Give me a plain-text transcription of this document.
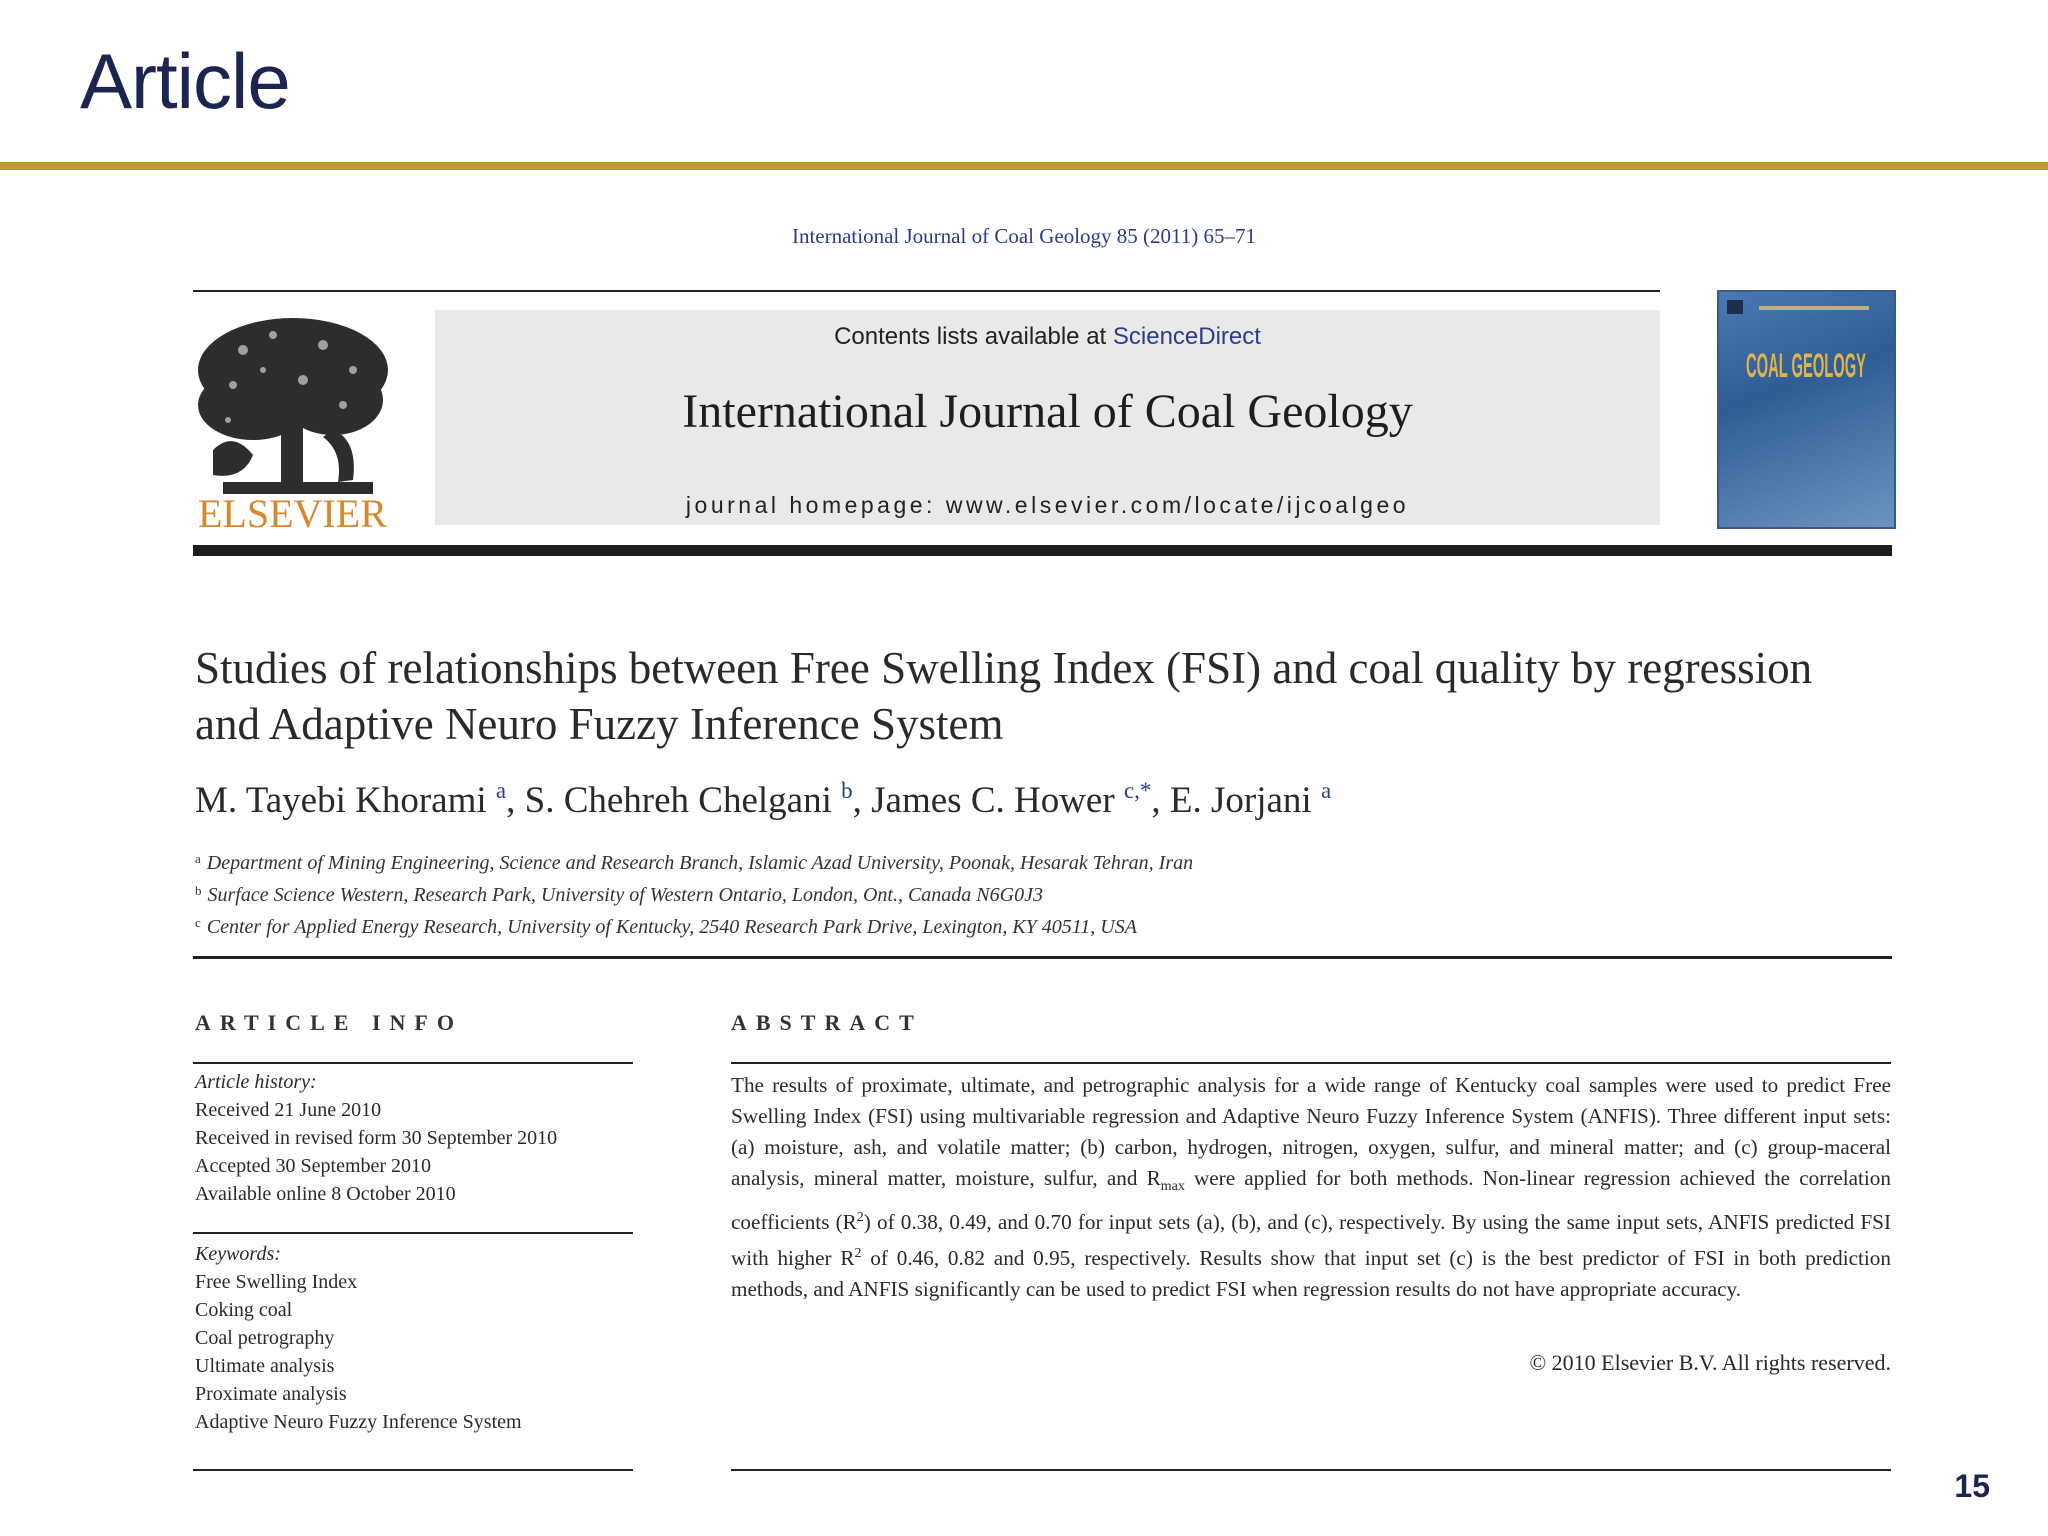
Article
International Journal of Coal Geology 85 (2011) 65–71
ELSEVIER
Contents lists available at ScienceDirect
International Journal of Coal Geology
journal homepage: www.elsevier.com/locate/ijcoalgeo
COAL GEOLOGY
Studies of relationships between Free Swelling Index (FSI) and coal quality by regression and Adaptive Neuro Fuzzy Inference System
M. Tayebi Khorami $^a$, S. Chehreh Chelgani $^b$, James C. Hower $^{c,*}$, E. Jorjani $^a$
$^a$ Department of Mining Engineering, Science and Research Branch, Islamic Azad University, Poonak, Hesarak Tehran, Iran
$^b$ Surface Science Western, Research Park, University of Western Ontario, London, Ont., Canada N6G0J3
$^c$ Center for Applied Energy Research, University of Kentucky, 2540 Research Park Drive, Lexington, KY 40511, USA
ARTICLE INFO
Article history:
Received 21 June 2010
Received in revised form 30 September 2010
Accepted 30 September 2010
Available online 8 October 2010
Keywords:
Free Swelling Index
Coking coal
Coal petrography
Ultimate analysis
Proximate analysis
Adaptive Neuro Fuzzy Inference System
ABSTRACT
The results of proximate, ultimate, and petrographic analysis for a wide range of Kentucky coal samples were used to predict Free Swelling Index (FSI) using multivariable regression and Adaptive Neuro Fuzzy Inference System (ANFIS). Three different input sets: (a) moisture, ash, and volatile matter; (b) carbon, hydrogen, nitrogen, oxygen, sulfur, and mineral matter; and (c) group-maceral analysis, mineral matter, moisture, sulfur, and $R_{max}$ were applied for both methods. Non-linear regression achieved the correlation coefficients $(R^2)$ of 0.38, 0.49, and 0.70 for input sets (a), (b), and (c), respectively. By using the same input sets, ANFIS predicted FSI with higher $R^2$ of 0.46, 0.82 and 0.95, respectively. Results show that input set (c) is the best predictor of FSI in both prediction methods, and ANFIS significantly can be used to predict FSI when regression results do not have appropriate accuracy.
© 2010 Elsevier B.V. All rights reserved.
15
